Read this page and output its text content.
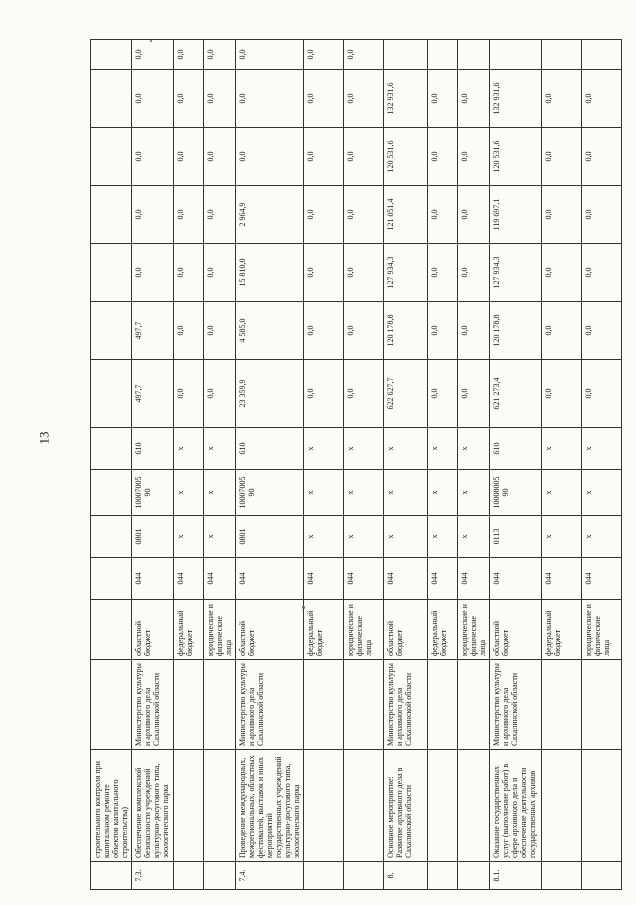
13
	строительного контроля при капитальном ремонте объектов капитального строительства)													
7.3.	Обеспечение комплексной безопасности учреждений культурно-досугового типа, зоологического парка	Министерство культуры и архивного дела Сахалинской области	областной бюджет	044	0801	10007005 90	610	497,7	497,7	0,0	0,0	0,0	0,0	0,0
			федеральный бюджет	044	x	x	x	0,0	0,0	0,0	0,0	0,0	0,0	0,0
			юридические и физические лица	044	x	x	x	0,0	0,0	0,0	0,0	0,0	0,0	0,0
7.4.	Проведение международных, межрегиональных, областных фестивалей, выставок и иных мероприятий государственных учреждений культурно-досугового типа, зоологического парка	Министерство культуры и архивного дела Сахалинской области	областной бюджет	044	0801	10007005 90	610	23 359,9	4 585,0	15 810,0	2 964,9	0,0	0,0	0,0
			федеральный бюджет	044	x	x	x	0,0	0,0	0,0	0,0	0,0	0,0	0,0
			юридические и физические лица	044	x	x	x	0,0	0,0	0,0	0,0	0,0	0,0	0,0
8.	Основное мероприятие: Развитие архивного дела в Сахалинской области	Министерство культуры и архивного дела Сахалинской области	областной бюджет	044	x	x	x	622 627,7	120 178,8	127 934,3	121 051,4	120 531,6	132 931,6	
			федеральный бюджет	044	x	x	x	0,0	0,0	0,0	0,0	0,0	0,0	
			юридические и физические лица	044	x	x	x	0,0	0,0	0,0	0,0	0,0	0,0	
8.1.	Оказание государственных услуг (выполнение работ) в сфере архивного дела и обеспечение деятельности государственных архивов	Министерство культуры и архивного дела Сахалинской области	областной бюджет	044	0113	10008005 90	610	621 273,4	120 178,8	127 934,3	119 697,1	120 531,6	132 931,6	
			федеральный бюджет	044	x	x	x	0,0	0,0	0,0	0,0	0,0	0,0	
			юридические и физические лица	044	x	x	x	0,0	0,0	0,0	0,0	0,0	0,0	
